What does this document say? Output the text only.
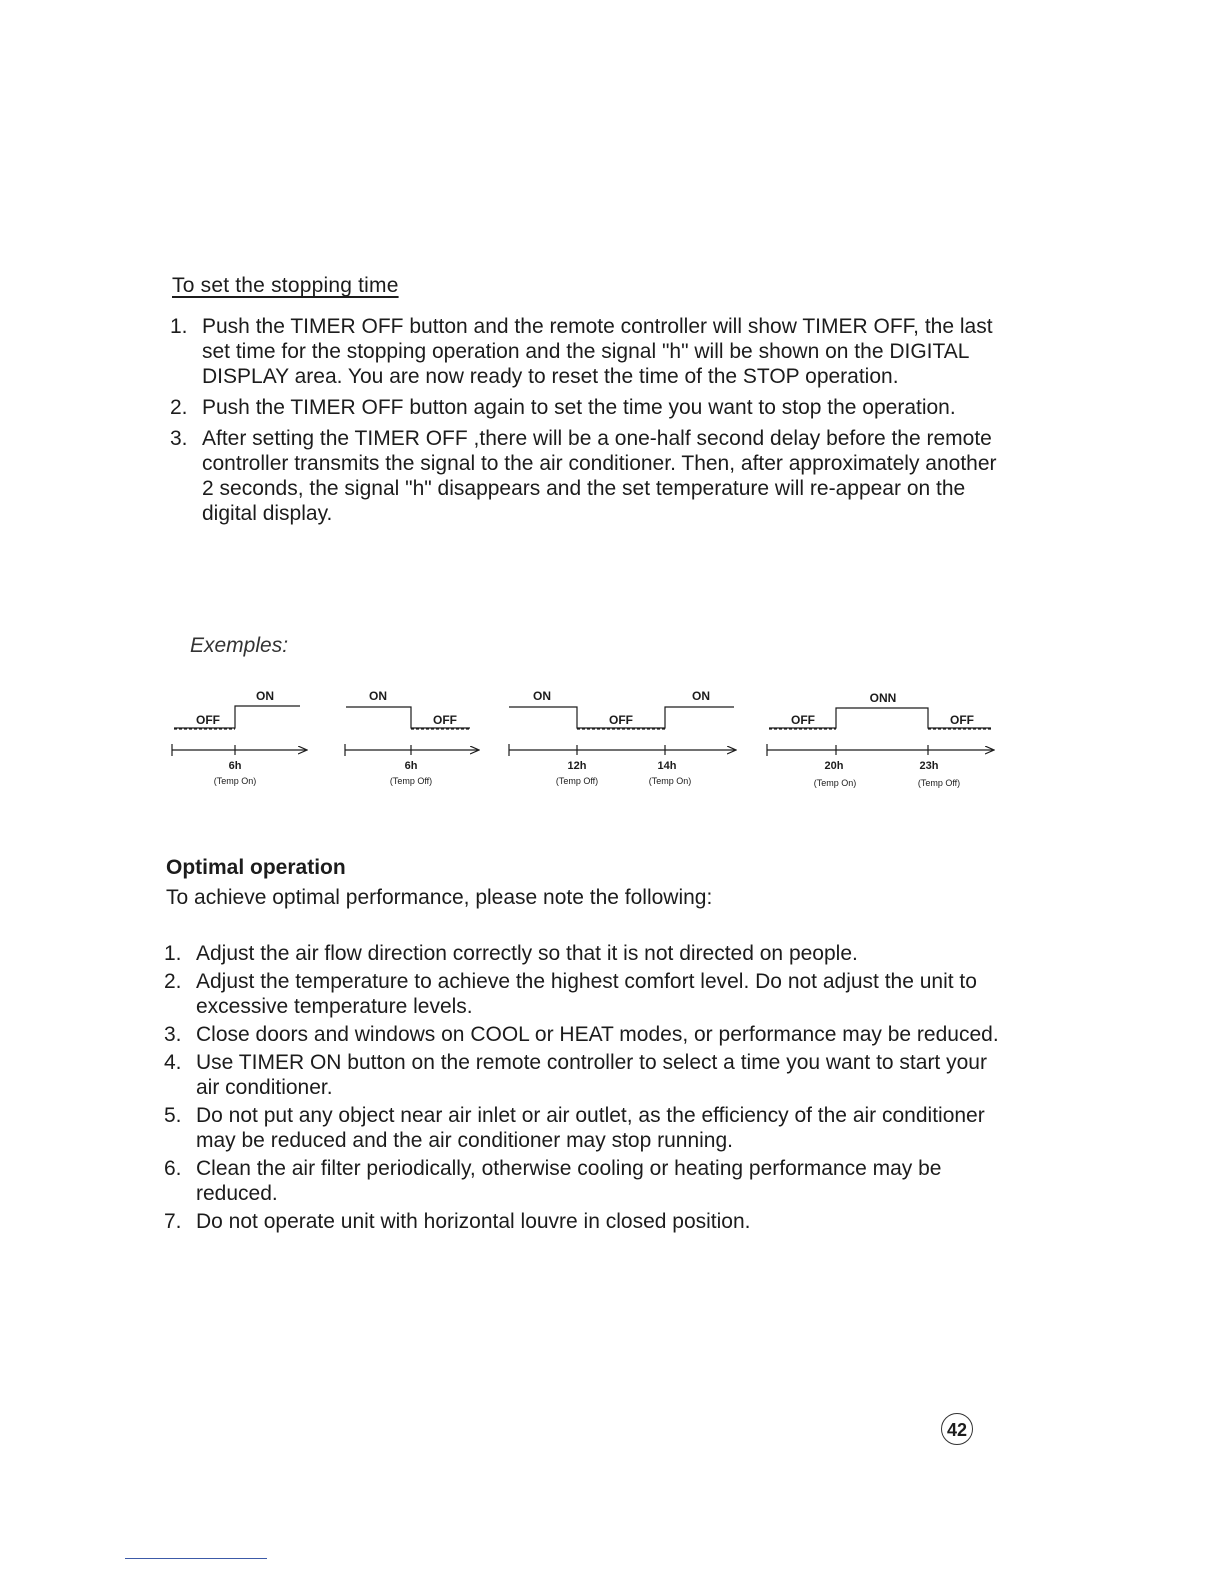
To set the stopping time
1. Push the TIMER OFF button and the remote controller will show TIMER OFF, the last set time for the stopping operation and the signal "h" will be shown on the DIGITAL DISPLAY area. You are now ready to reset the time of the STOP operation.
2. Push the TIMER OFF button again to set the time you want to stop the operation.
3. After setting the TIMER OFF ,there will be a one-half second delay before the remote controller transmits the signal to the air conditioner. Then, after approximately another 2 seconds, the signal "h" disappears and the set temperature will re-appear on the digital display.
Exemples:
ON
OFF
6h
(Temp On)
ON
OFF
6h
(Temp Off)
ON	ON
OFF
12h
(Temp Off)
14h
(Temp On)
ONN
OFF	OFF
20h
(Temp On)
23h
(Temp Off)
Optimal operation
To achieve optimal performance, please note the following:
1. Adjust the air flow direction correctly so that it is not directed on people.
2. Adjust the temperature to achieve the highest comfort level. Do not adjust the unit to excessive temperature levels.
3. Close doors and windows on COOL or HEAT modes, or performance may be reduced.
4. Use TIMER ON button on the remote controller to select a time you want to start your air conditioner.
5. Do not put any object near air inlet or air outlet, as the efficiency of the air conditioner may be reduced and the air conditioner may stop running.
6. Clean the air filter periodically, otherwise cooling or heating performance may be reduced.
7. Do not operate unit with horizontal louvre in closed position.
42
